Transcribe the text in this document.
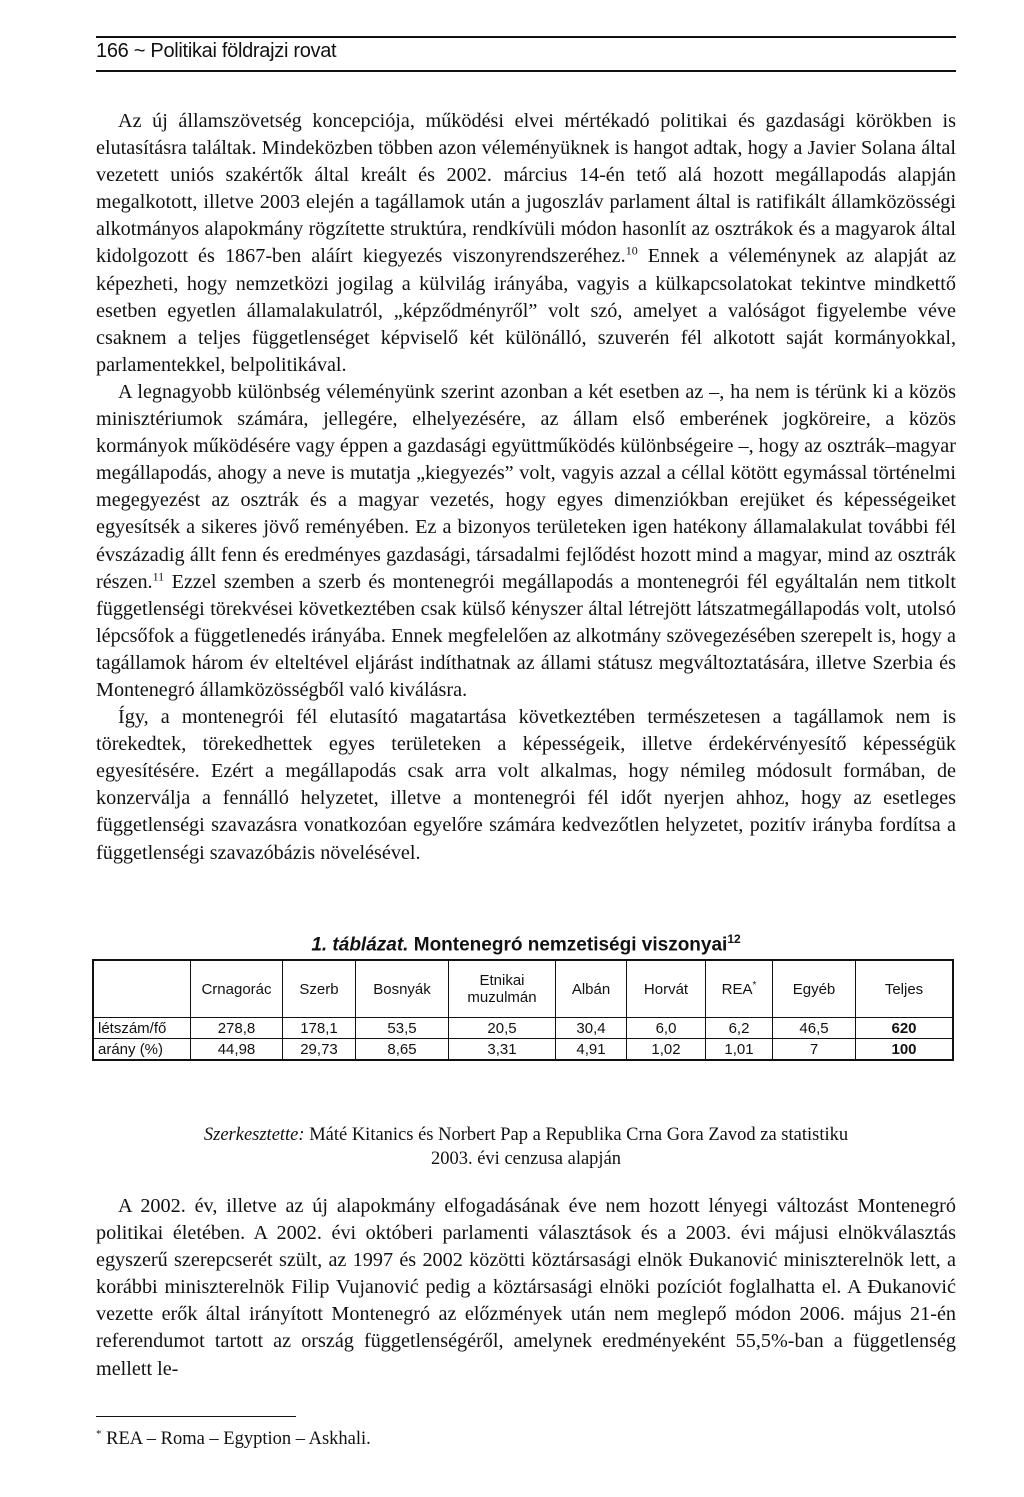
166 ~ Politikai földrajzi rovat

Az új államszövetség koncepciója, működési elvei mértékadó politikai és gazdasági körökben is elutasításra találtak. Mindeközben többen azon véleményüknek is hangot adtak, hogy a Javier Solana által vezetett uniós szakértők által kreált és 2002. március 14-én tető alá hozott megállapodás alapján megalkotott, illetve 2003 elején a tagállamok után a jugoszláv parlament által is ratifikált államközösségi alkotmányos alapokmány rögzítette struktúra, rendkívüli módon hasonlít az osztrákok és a magyarok által kidolgozott és 1867-ben aláírt kiegyezés viszonyrendszeréhez.$^{10}$ Ennek a véleménynek az alapját az képezheti, hogy nemzetközi jogilag a külvilág irányába, vagyis a külkapcsolatokat tekintve mindkettő esetben egyetlen államalakulatról, „képződményről” volt szó, amelyet a valóságot figyelembe véve csaknem a teljes függetlenséget képviselő két különálló, szuverén fél alkotott saját kormányokkal, parlamentekkel, belpolitikával.

A legnagyobb különbség véleményünk szerint azonban a két esetben az –, ha nem is térünk ki a közös minisztériumok számára, jellegére, elhelyezésére, az állam első emberének jogköreire, a közös kormányok működésére vagy éppen a gazdasági együttműködés különbségeire –, hogy az osztrák–magyar megállapodás, ahogy a neve is mutatja „kiegyezés” volt, vagyis azzal a céllal kötött egymással történelmi megegyezést az osztrák és a magyar vezetés, hogy egyes dimenziókban erejüket és képességeiket egyesítsék a sikeres jövő reményében. Ez a bizonyos területeken igen hatékony államalakulat további fél évszázadig állt fenn és eredményes gazdasági, társadalmi fejlődést hozott mind a magyar, mind az osztrák részen.$^{11}$ Ezzel szemben a szerb és montenegrói megállapodás a montenegrói fél egyáltalán nem titkolt függetlenségi törekvései következtében csak külső kényszer által létrejött látszatmegállapodás volt, utolsó lépcsőfok a függetlenedés irányába. Ennek megfelelően az alkotmány szövegezésében szerepelt is, hogy a tagállamok három év elteltével eljárást indíthatnak az állami státusz megváltoztatására, illetve Szerbia és Montenegró államközösségből való kiválásra.

Így, a montenegrói fél elutasító magatartása következtében természetesen a tagállamok nem is törekedtek, törekedhettek egyes területeken a képességeik, illetve érdekérvényesítő képességük egyesítésére. Ezért a megállapodás csak arra volt alkalmas, hogy némileg módosult formában, de konzerválja a fennálló helyzetet, illetve a montenegrói fél időt nyerjen ahhoz, hogy az esetleges függetlenségi szavazásra vonatkozóan egyelőre számára kedvezőtlen helyzetet, pozitív irányba fordítsa a függetlenségi szavazóbázis növelésével.

1. táblázat. Montenegró nemzetiségi viszonyai$^{12}$
	Crnagorác	Szerb	Bosnyák	Etnikai muzulmán	Albán	Horvát	REA*	Egyéb	Teljes
létszám/fő	278,8	178,1	53,5	20,5	30,4	6,0	6,2	46,5	620
arány (%)	44,98	29,73	8,65	3,31	4,91	1,02	1,01	7	100
Szerkesztette: Máté Kitanics és Norbert Pap a Republika Crna Gora Zavod za statistiku
2003. évi cenzusa alapján

A 2002. év, illetve az új alapokmány elfogadásának éve nem hozott lényegi változást Montenegró politikai életében. A 2002. évi októberi parlamenti választások és a 2003. évi májusi elnökválasztás egyszerű szerepcserét szült, az 1997 és 2002 közötti köztársasági elnök Đukanović miniszterelnök lett, a korábbi miniszterelnök Filip Vujanović pedig a köztársasági elnöki pozíciót foglalhatta el. A Đukanović vezette erők által irányított Montenegró az előzmények után nem meglepő módon 2006. május 21-én referendumot tartott az ország függetlenségéről, amelynek eredményeként 55,5%-ban a függetlenség mellett le-

* REA – Roma – Egyption – Askhali.
